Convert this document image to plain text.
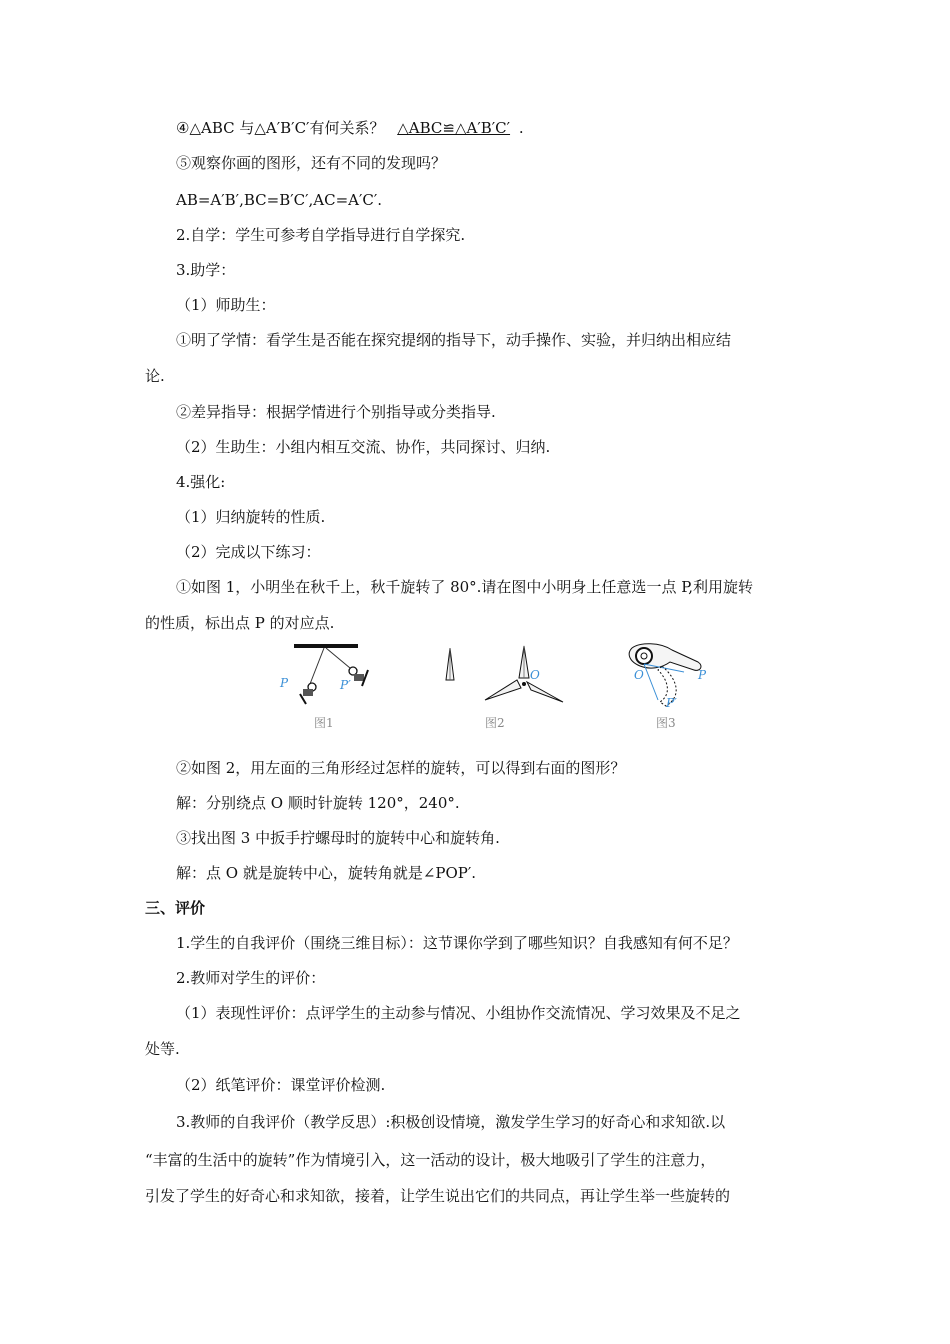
④△ABC 与△A′B′C′有何关系？ △ABC≌△A′B′C′ .
⑤观察你画的图形，还有不同的发现吗？
AB=A′B′,BC=B′C′,AC=A′C′.
2.自学：学生可参考自学指导进行自学探究.
3.助学：
（1）师助生：
①明了学情：看学生是否能在探究提纲的指导下，动手操作、实验，并归纳出相应结
论.
②差异指导：根据学情进行个别指导或分类指导.
（2）生助生：小组内相互交流、协作，共同探讨、归纳.
4.强化:
（1）归纳旋转的性质.
（2）完成以下练习：
①如图 1，小明坐在秋千上，秋千旋转了 80°.请在图中小明身上任意选一点 P,利用旋转
的性质，标出点 P 的对应点.
P	P′
图1
O
图2
O	P
P′
图3
②如图 2，用左面的三角形经过怎样的旋转，可以得到右面的图形？
解：分别绕点 O 顺时针旋转 120°，240°.
③找出图 3 中扳手拧螺母时的旋转中心和旋转角.
解：点 O 就是旋转中心，旋转角就是∠POP′.
三、评价
1.学生的自我评价（围绕三维目标）：这节课你学到了哪些知识？自我感知有何不足？
2.教师对学生的评价：
（1）表现性评价：点评学生的主动参与情况、小组协作交流情况、学习效果及不足之
处等.
（2）纸笔评价：课堂评价检测.
3.教师的自我评价（教学反思）:积极创设情境，激发学生学习的好奇心和求知欲.以
“丰富的生活中的旋转”作为情境引入，这一活动的设计，极大地吸引了学生的注意力，
引发了学生的好奇心和求知欲，接着，让学生说出它们的共同点，再让学生举一些旋转的
